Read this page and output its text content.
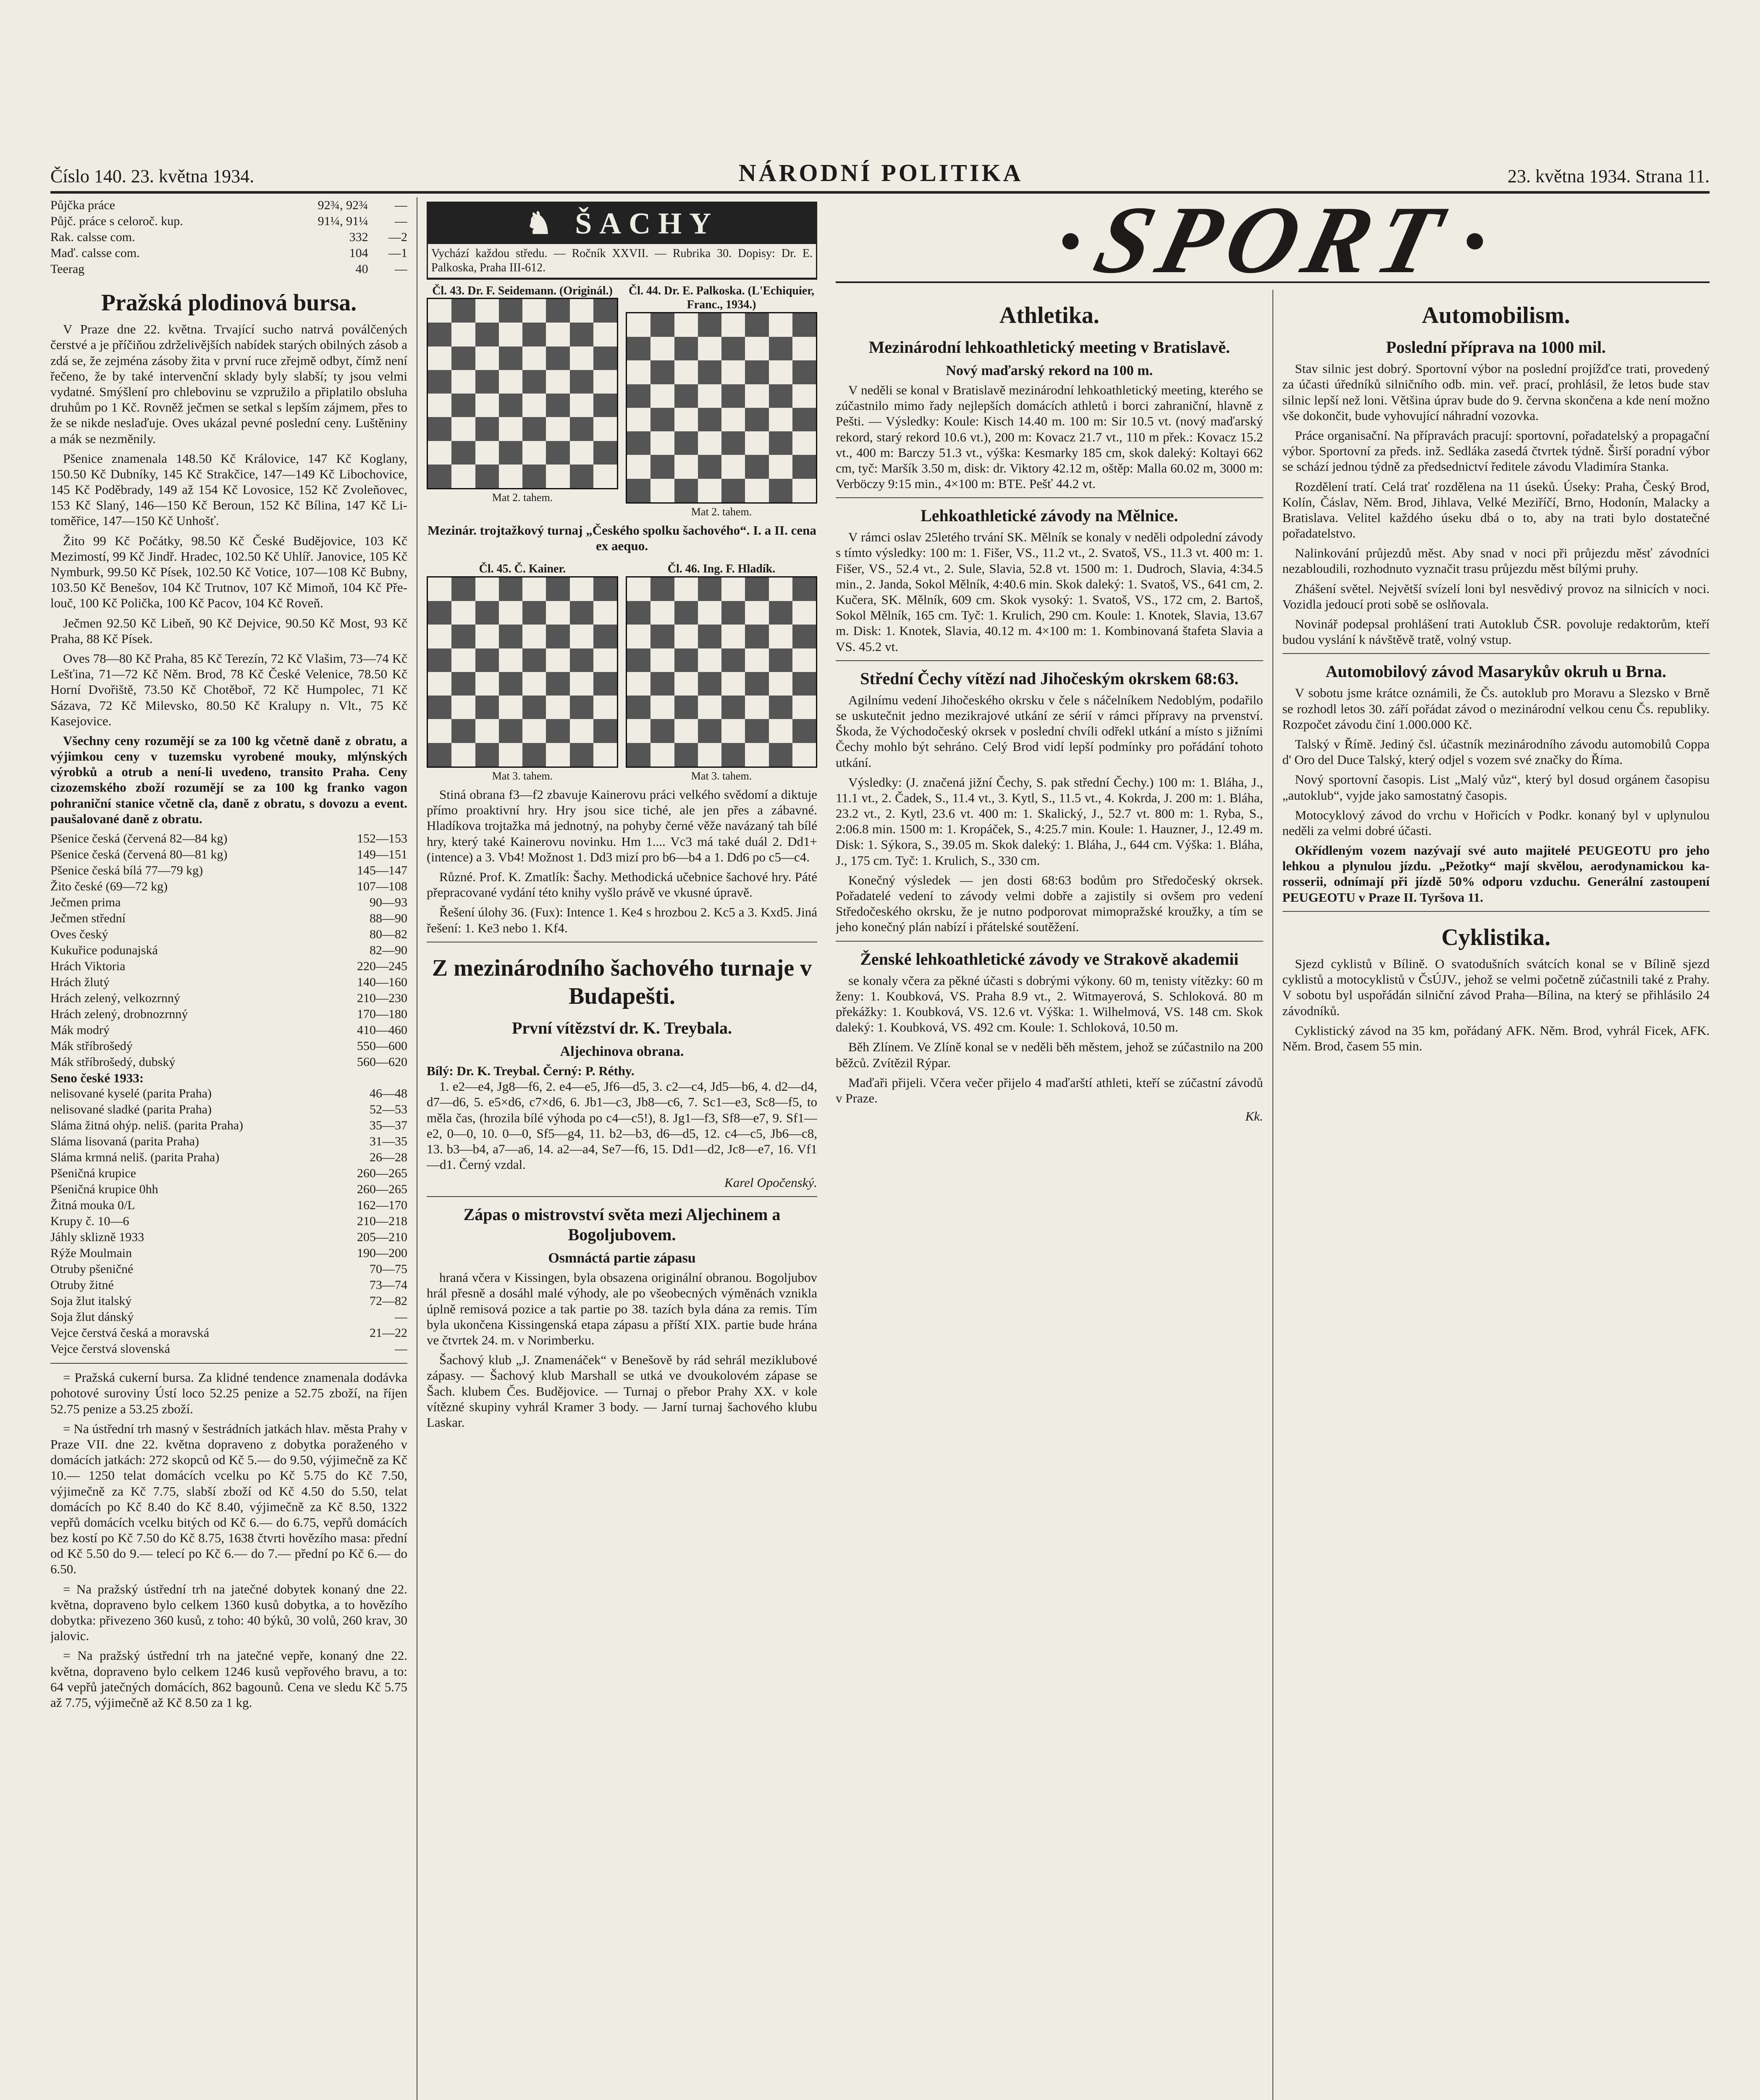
Číslo 140. 23. května 1934.	NÁRODNÍ POLITIKA	23. května 1934. Strana 11.
Půjčka práce	92¾, 92¾	—
Půjč. práce s celoroč. kup.	91¼, 91¼	—
Rak. calsse com.	332	—2
Maď. calsse com.	104	—1
Teerag	40	—
Pražská plodinová bursa.

V Praze dne 22. května. Trvající sucho natrvá poválčených čerstvé a je příčiňou zdrželivějších nabídek starých obilných zásob a zdá se, že zejména zásoby žita v první ruce zřejmě odbyt, čímž není řečeno, že by také intervenční sklady byly slabší; ty jsou velmi vydatné. Smýšlení pro chlebovinu se vzpružilo a připlatilo obsluha druhům po 1 Kč. Rovněž ječmen se setkal s lepším zájmem, přes to že se nikde neslaďuje. Oves ukázal pevné poslední ceny. Luštěniny a mák se nezměnily.

Pšenice znamenala 148.50 Kč Královice, 147 Kč Koglany, 150.50 Kč Dubníky, 145 Kč Strakčice, 147—149 Kč Libochovice, 145 Kč Poděbrady, 149 až 154 Kč Lovosice, 152 Kč Zvoleňovec, 153 Kč Slaný, 146—150 Kč Beroun, 152 Kč Bílina, 147 Kč Litoměřice, 147—150 Kč Unhošť.

Žito 99 Kč Počátky, 98.50 Kč České Budějovice, 103 Kč Mezimostí, 99 Kč Jindř. Hradec, 102.50 Kč Uhlíř. Janovice, 105 Kč Nymburk, 99.50 Kč Písek, 102.50 Kč Votice, 107—108 Kč Bubny, 103.50 Kč Benešov, 104 Kč Trutnov, 107 Kč Mimoň, 104 Kč Přelouč, 100 Kč Polička, 100 Kč Pacov, 104 Kč Roveň.

Ječmen 92.50 Kč Libeň, 90 Kč Dejvice, 90.50 Kč Most, 93 Kč Praha, 88 Kč Písek.

Oves 78—80 Kč Praha, 85 Kč Terezín, 72 Kč Vlašim, 73—74 Kč Lešťina, 71—72 Kč Něm. Brod, 78 Kč České Velenice, 78.50 Kč Horní Dvořiště, 73.50 Kč Chotěboř, 72 Kč Humpolec, 71 Kč Sázava, 72 Kč Milevsko, 80.50 Kč Kralupy n. Vlt., 75 Kč Kasejovice.

Všechny ceny rozumějí se za 100 kg včetně daně z obratu, a výjimkou ceny v tuzemsku vyrobené mouky, mlýnských výrobků a otrub a není-li uvedeno, transito Praha. Ceny cizozemského zboží rozumějí se za 100 kg franko vagon pohraniční stanice včetně cla, daně z obratu, s dovozu a event. paušalované daně z obratu.

Pšenice česká (červená 82—84 kg)	152—153
Pšenice česká (červená 80—81 kg)	149—151
Pšenice česká bílá 77—79 kg)	145—147
Žito české (69—72 kg)	107—108
Ječmen prima	90—93
Ječmen střední	88—90
Oves český	80—82
Kukuřice podunajská	82—90
Hrách Viktoria	220—245
Hrách žlutý	140—160
Hrách zelený, velkozrnný	210—230
Hrách zelený, drobnozrnný	170—180
Mák modrý	410—460
Mák stříbrošedý	550—600
Mák stříbrošedý, dubský	560—620
Seno české 1933:
nelisované kyselé (parita Praha)	46—48
nelisované sladké (parita Praha)	52—53
Sláma žitná ohýp. neliš. (parita Praha)	35—37
Sláma lisovaná (parita Praha)	31—35
Sláma krmná neliš. (parita Praha)	26—28
Pšeničná krupice	260—265
Pšeničná krupice 0hh	260—265
Žitná mouka 0/L	162—170
Krupy č. 10—6	210—218
Jáhly sklizně 1933	205—210
Rýže Moulmain	190—200
Otruby pšeničné	70—75
Otruby žitné	73—74
Soja žlut italský	72—82
Soja žlut dánský	—
Vejce čerstvá česká a moravská	21—22
Vejce čerstvá slovenská	—

= Pražská cukerní bursa. Za klidné tendence znamenala dodávka pohotové suroviny Ústí loco 52.25 penize a 52.75 zboží, na říjen 52.75 penize a 53.25 zboží.

= Na ústřední trh masný v šestrádních jatkách hlav. města Prahy v Praze VII. dne 22. května dopraveno z dobytka poraženého v domácích jatkách: 272 skopců od Kč 5.— do 9.50, výjimečně za Kč 10.— 1250 telat domácích vcelku po Kč 5.75 do Kč 7.50, výjimečně za Kč 7.75, slabší zboží od Kč 4.50 do 5.50, telat domácích po Kč 8.40 do Kč 8.40, výjimečně za Kč 8.50, 1322 vepřů domácích vcelku bitých od Kč 6.— do 6.75, vepřů domácích bez kostí po Kč 7.50 do Kč 8.75, 1638 čtvrti hovězího masa: přední od Kč 5.50 do 9.— telecí po Kč 6.— do 7.— přední po Kč 6.— do 6.50.

= Na pražský ústřední trh na jatečné dobytek konaný dne 22. května, dopraveno bylo celkem 1360 kusů dobytka, a to hovězího dobytka: přivezeno 360 kusů, z toho: 40 býků, 30 volů, 260 krav, 30 jalovic.

= Na pražský ústřední trh na jatečné vepře, konaný dne 22. května, dopraveno bylo celkem 1246 kusů vepřového bravu, a to: 64 vepřů jatečných domácích, 862 bagounů. Cena ve sledu Kč 5.75 až 7.75, výjimečně až Kč 8.50 za 1 kg.

♞ ŠACHY
Vychází každou středu. — Ročník XXVII. — Rubrika 30. Dopisy: Dr. E. Palkoska, Praha III-612.
Čl. 43. Dr. F. Seidemann. (Originál.)
Mat 2. tahem.
Čl. 44. Dr. E. Palkoska. (L'Echiquier, Franc., 1934.)
Mat 2. tahem.

Mezinár. trojtažkový turnaj „Českého spolku šachového“. I. a II. cena ex aequo.

Čl. 45. Č. Kainer.
Mat 3. tahem.
Čl. 46. Ing. F. Hladík.
Mat 3. tahem.

Stiná obrana f3—f2 zbavuje Kainerovu práci velkého svědomí a diktuje přímo proaktivní hry. Hry jsou sice tiché, ale jen přes a zábavné. Hladíkova trojtažka má jednotný, na pohyby černé věže navázaný tah bílé hry, který také Kainerovu novinku. Hm 1.... Vc3 má také duál 2. Dd1+ (intence) a 3. Vb4! Možnost 1. Dd3 mizí pro b6—b4 a 1. Dd6 po c5—c4.

Různé. Prof. K. Zmatlík: Šachy. Methodická učebnice šachové hry. Páté přepracované vydání této knihy vyšlo právě ve vkusné úpravě.

Řešení úlohy 36. (Fux): Intence 1. Ke4 s hrozbou 2. Kc5 a 3. Kxd5. Jiná řešení: 1. Ke3 nebo 1. Kf4.

Z mezinárodního šachového turnaje v Budapešti.
První vítězství dr. K. Treybala.
Aljechinova obrana.
Bílý: Dr. K. Treybal. Černý: P. Réthy.

1. e2—e4, Jg8—f6, 2. e4—e5, Jf6—d5, 3. c2—c4, Jd5—b6, 4. d2—d4, d7—d6, 5. e5×d6, c7×d6, 6. Jb1—c3, Jb8—c6, 7. Sc1—e3, Sc8—f5, to měla čas, (hrozila bílé výhoda po c4—c5!), 8. Jg1—f3, Sf8—e7, 9. Sf1—e2, 0—0, 10. 0—0, Sf5—g4, 11. b2—b3, d6—d5, 12. c4—c5, Jb6—c8, 13. b3—b4, a7—a6, 14. a2—a4, Se7—f6, 15. Dd1—d2, Jc8—e7, 16. Vf1—d1. Černý vzdal.

Karel Opočenský.
Zápas o mistrovství světa mezi Aljechinem a Bogoljubovem.
Osmnáctá partie zápasu

hraná včera v Kissingen, byla obsazena originální obranou. Bogoljubov hrál přesně a dosáhl malé výhody, ale po všeobecných výměnách vznikla úplně remisová pozice a tak partie po 38. tazích byla dána za remis. Tím byla ukončena Kissingenská etapa zápasu a příští XIX. partie bude hrána ve čtvrtek 24. m. v Norimberku.

Šachový klub „J. Znamenáček“ v Benešově by rád sehrál meziklubové zápasy. — Šachový klub Marshall se utká ve dvoukolovém zápase se Šach. klubem Čes. Budějovice. — Turnaj o přebor Prahy XX. v kole vítězné skupiny vyhrál Kramer 3 body. — Jarní turnaj šachového klubu Laskar.

● SPORT ●
Athletika.
Mezinárodní lehkoathletický meeting v Bratislavě.
Nový maďarský rekord na 100 m.

V neděli se konal v Bratislavě mezinárodní lehkoathletický meeting, kterého se zúčastnilo mimo řady nejlepších domácích athletů i borci zahraniční, hlavně z Pešti. — Výsledky: Koule: Kisch 14.40 m. 100 m: Sir 10.5 vt. (nový maďarský rekord, starý rekord 10.6 vt.), 200 m: Kovacz 21.7 vt., 110 m přek.: Kovacz 15.2 vt., 400 m: Barczy 51.3 vt., výška: Kesmarky 185 cm, skok daleký: Koltayi 662 cm, tyč: Maršík 3.50 m, disk: dr. Viktory 42.12 m, oštěp: Malla 60.02 m, 3000 m: Verböczy 9:15 min., 4×100 m: BTE. Pešť 44.2 vt.

Lehkoathletické závody na Mělnice.

V rámci oslav 25letého trvání SK. Mělník se konaly v neděli odpolední závody s tímto výsledky: 100 m: 1. Fišer, VS., 11.2 vt., 2. Svatoš, VS., 11.3 vt. 400 m: 1. Fišer, VS., 52.4 vt., 2. Sule, Slavia, 52.8 vt. 1500 m: 1. Dudroch, Slavia, 4:34.5 min., 2. Janda, Sokol Mělník, 4:40.6 min. Skok daleký: 1. Svatoš, VS., 641 cm, 2. Kučera, SK. Mělník, 609 cm. Skok vysoký: 1. Svatoš, VS., 172 cm, 2. Bartoš, Sokol Mělník, 165 cm. Tyč: 1. Krulich, 290 cm. Koule: 1. Knotek, Slavia, 13.67 m. Disk: 1. Knotek, Slavia, 40.12 m. 4×100 m: 1. Kombinovaná štafeta Slavia a VS. 45.2 vt.

Střední Čechy vítězí nad Jihočeským okrskem 68:63.

Agilnímu vedení Jihočeského okrsku v čele s náčelníkem Nedoblým, podařilo se uskutečnit jedno mezikrajové utkání ze sérií v rámci přípravy na prvenství. Škoda, že Východočeský okrsek v poslední chvíli odřekl utkání a místo s jižními Čechy mohlo být sehráno. Celý Brod vidí lepší podmínky pro pořádání tohoto utkání.

Výsledky: (J. značená jižní Čechy, S. pak střední Čechy.) 100 m: 1. Bláha, J., 11.1 vt., 2. Čadek, S., 11.4 vt., 3. Kytl, S., 11.5 vt., 4. Kokrda, J. 200 m: 1. Bláha, 23.2 vt., 2. Kytl, 23.6 vt. 400 m: 1. Skalický, J., 52.7 vt. 800 m: 1. Ryba, S., 2:06.8 min. 1500 m: 1. Kropáček, S., 4:25.7 min. Koule: 1. Hauzner, J., 12.49 m. Disk: 1. Sýkora, S., 39.05 m. Skok daleký: 1. Bláha, J., 644 cm. Výška: 1. Bláha, J., 175 cm. Tyč: 1. Krulich, S., 330 cm.

Konečný výsledek — jen dosti 68:63 bodům pro Středočeský okrsek. Pořadatelé vedení to závody velmi dobře a zajistily si ovšem pro vedení Středočeského okrsku, že je nutno podporovat mimopražské kroužky, a tím se jeho konečný plán nabízí i přátelské soutěžení.

Ženské lehkoathletické závody ve Strakově akademii

se konaly včera za pěkné účasti s dobrými výkony. 60 m, tenisty vítězky: 60 m ženy: 1. Koubková, VS. Praha 8.9 vt., 2. Witmayerová, S. Schloková. 80 m překážky: 1. Koubková, VS. 12.6 vt. Výška: 1. Wilhelmová, VS. 148 cm. Skok daleký: 1. Koubková, VS. 492 cm. Koule: 1. Schloková, 10.50 m.

Běh Zlínem. Ve Zlíně konal se v neděli běh městem, jehož se zúčastnilo na 200 běžců. Zvítězil Rýpar.

Maďaři přijeli. Včera večer přijelo 4 maďarští athleti, kteří se zúčastní závodů v Praze.

Kk.
Automobilism.
Poslední příprava na 1000 mil.

Stav silnic jest dobrý. Sportovní výbor na poslední projížďce trati, provedený za účasti úředníků silničního odb. min. veř. prací, prohlásil, že letos bude stav silnic lepší než loni. Většina úprav bude do 9. června skončena a kde není možno vše dokončit, bude vyhovující náhradní vozovka.

Práce organisační. Na přípravách pracují: sportovní, pořadatelský a propagační výbor. Sportovní za předs. inž. Sedláka zasedá čtvrtek týdně. Širší poradní výbor se schází jednou týdně za předsednictví ředitele závodu Vladimíra Stanka.

Rozdělení tratí. Celá trať rozdělena na 11 úseků. Úseky: Praha, Český Brod, Kolín, Čáslav, Něm. Brod, Jihlava, Velké Meziříčí, Brno, Hodonín, Malacky a Bratislava. Velitel každého úseku dbá o to, aby na trati bylo dostatečné pořadatelstvo.

Nalinkování průjezdů měst. Aby snad v noci při průjezdu měsť závodníci nezabloudili, rozhodnuto vyznačit trasu průjezdu měst bílými pruhy.

Zhášení světel. Největší svízelí loni byl nesvědivý provoz na silnicích v noci. Vozidla jedoucí proti sobě se oslňovala.

Novinář podepsal prohlášení trati Autoklub ČSR. povoluje redaktorům, kteří budou vyslání k návštěvě tratě, volný vstup.

Automobilový závod Masarykův okruh u Brna.

V sobotu jsme krátce oznámili, že Čs. autoklub pro Moravu a Slezsko v Brně se rozhodl letos 30. září pořádat závod o mezinárodní velkou cenu Čs. republiky. Rozpočet závodu činí 1.000.000 Kč.

Talský v Římě. Jediný čsl. účastník mezinárodního závodu automobilů Coppa d' Oro del Duce Talský, který odjel s vozem své značky do Říma.

Nový sportovní časopis. List „Malý vůz“, který byl dosud orgánem časopisu „autoklub“, vyjde jako samostatný časopis.

Motocyklový závod do vrchu v Hořicích v Podkr. konaný byl v uplynulou neděli za velmi dobré účasti.

Okřídleným vozem nazývají své auto majitelé PEUGEOTU pro jeho lehkou a plynulou jízdu. „Pežotky“ mají skvělou, aerodynamickou karosserii, odnímají při jízdě 50% odporu vzduchu. Generální zastoupení PEUGEOTU v Praze II. Tyršova 11.

Cyklistika.

Sjezd cyklistů v Bílině. O svatodušních svátcích konal se v Bílině sjezd cyklistů a motocyklistů v ČsÚJV., jehož se velmi početně zúčastnili také z Prahy. V sobotu byl uspořádán silniční závod Praha—Bílina, na který se přihlásilo 24 závodníků.

Cyklistický závod na 35 km, pořádaný AFK. Něm. Brod, vyhrál Ficek, AFK. Něm. Brod, časem 55 min.
